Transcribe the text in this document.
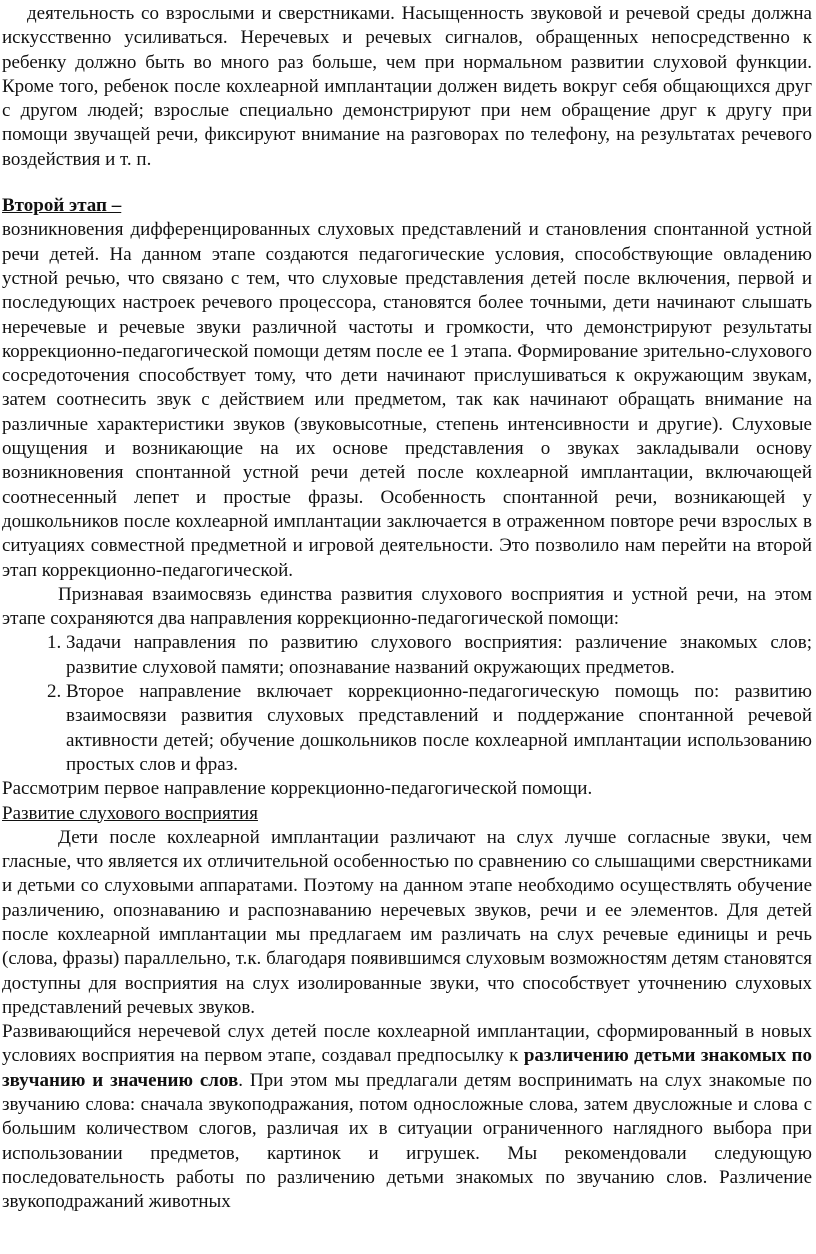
деятельность со взрослыми и сверстниками. Насыщенность звуковой и речевой среды должна искусственно усиливаться. Неречевых и речевых сигналов, обращенных непосредственно к ребенку должно быть во много раз больше, чем при нормальном развитии слуховой функции. Кроме того, ребенок после кохлеарной имплантации должен видеть вокруг себя общающихся друг с другом людей; взрослые специально демонстрируют при нем обращение друг к другу при помощи звучащей речи, фиксируют внимание на разговорах по телефону, на результатах речевого воздействия и т. п.

Второй этап –

возникновения дифференцированных слуховых представлений и становления спонтанной устной речи детей. На данном этапе создаются педагогические условия, способствующие овладению устной речью, что связано с тем, что слуховые представления детей после включения, первой и последующих настроек речевого процессора, становятся более точными, дети начинают слышать неречевые и речевые звуки различной частоты и громкости, что демонстрируют результаты коррекционно-педагогической помощи детям после ее 1 этапа. Формирование зрительно-слухового сосредоточения способствует тому, что дети начинают прислушиваться к окружающим звукам, затем соотнесить звук с действием или предметом, так как начинают обращать внимание на различные характеристики звуков (звуковысотные, степень интенсивности и другие). Слуховые ощущения и возникающие на их основе представления о звуках закладывали основу возникновения спонтанной устной речи детей после кохлеарной имплантации, включающей соотнесенный лепет и простые фразы. Особенность спонтанной речи, возникающей у дошкольников после кохлеарной имплантации заключается в отраженном повторе речи взрослых в ситуациях совместной предметной и игровой деятельности. Это позволило нам перейти на второй этап коррекционно-педагогической.

Признавая взаимосвязь единства развития слухового восприятия и устной речи, на этом этапе сохраняются два направления коррекционно-педагогической помощи:

1. Задачи направления по развитию слухового восприятия: различение знакомых слов; развитие слуховой памяти; опознавание названий окружающих предметов.
2. Второе направление включает коррекционно-педагогическую помощь по: развитию взаимосвязи развития слуховых представлений и поддержание спонтанной речевой активности детей; обучение дошкольников после кохлеарной имплантации использованию простых слов и фраз.

Рассмотрим первое направление коррекционно-педагогической помощи.

Развитие слухового восприятия

Дети после кохлеарной имплантации различают на слух лучше согласные звуки, чем гласные, что является их отличительной особенностью по сравнению со слышащими сверстниками и детьми со слуховыми аппаратами. Поэтому на данном этапе необходимо осуществлять обучение различению, опознаванию и распознаванию неречевых звуков, речи и ее элементов. Для детей после кохлеарной имплантации мы предлагаем им различать на слух речевые единицы и речь (слова, фразы) параллельно, т.к. благодаря появившимся слуховым возможностям детям становятся доступны для восприятия на слух изолированные звуки, что способствует уточнению слуховых представлений речевых звуков.

Развивающийся неречевой слух детей после кохлеарной имплантации, сформированный в новых условиях восприятия на первом этапе, создавал предпосылку к различению детьми знакомых по звучанию и значению слов. При этом мы предлагали детям воспринимать на слух знакомые по звучанию слова: сначала звукоподражания, потом односложные слова, затем двусложные и слова с большим количеством слогов, различая их в ситуации ограниченного наглядного выбора при использовании предметов, картинок и игрушек. Мы рекомендовали следующую последовательность работы по различению детьми знакомых по звучанию слов. Различение звукоподражаний животных
